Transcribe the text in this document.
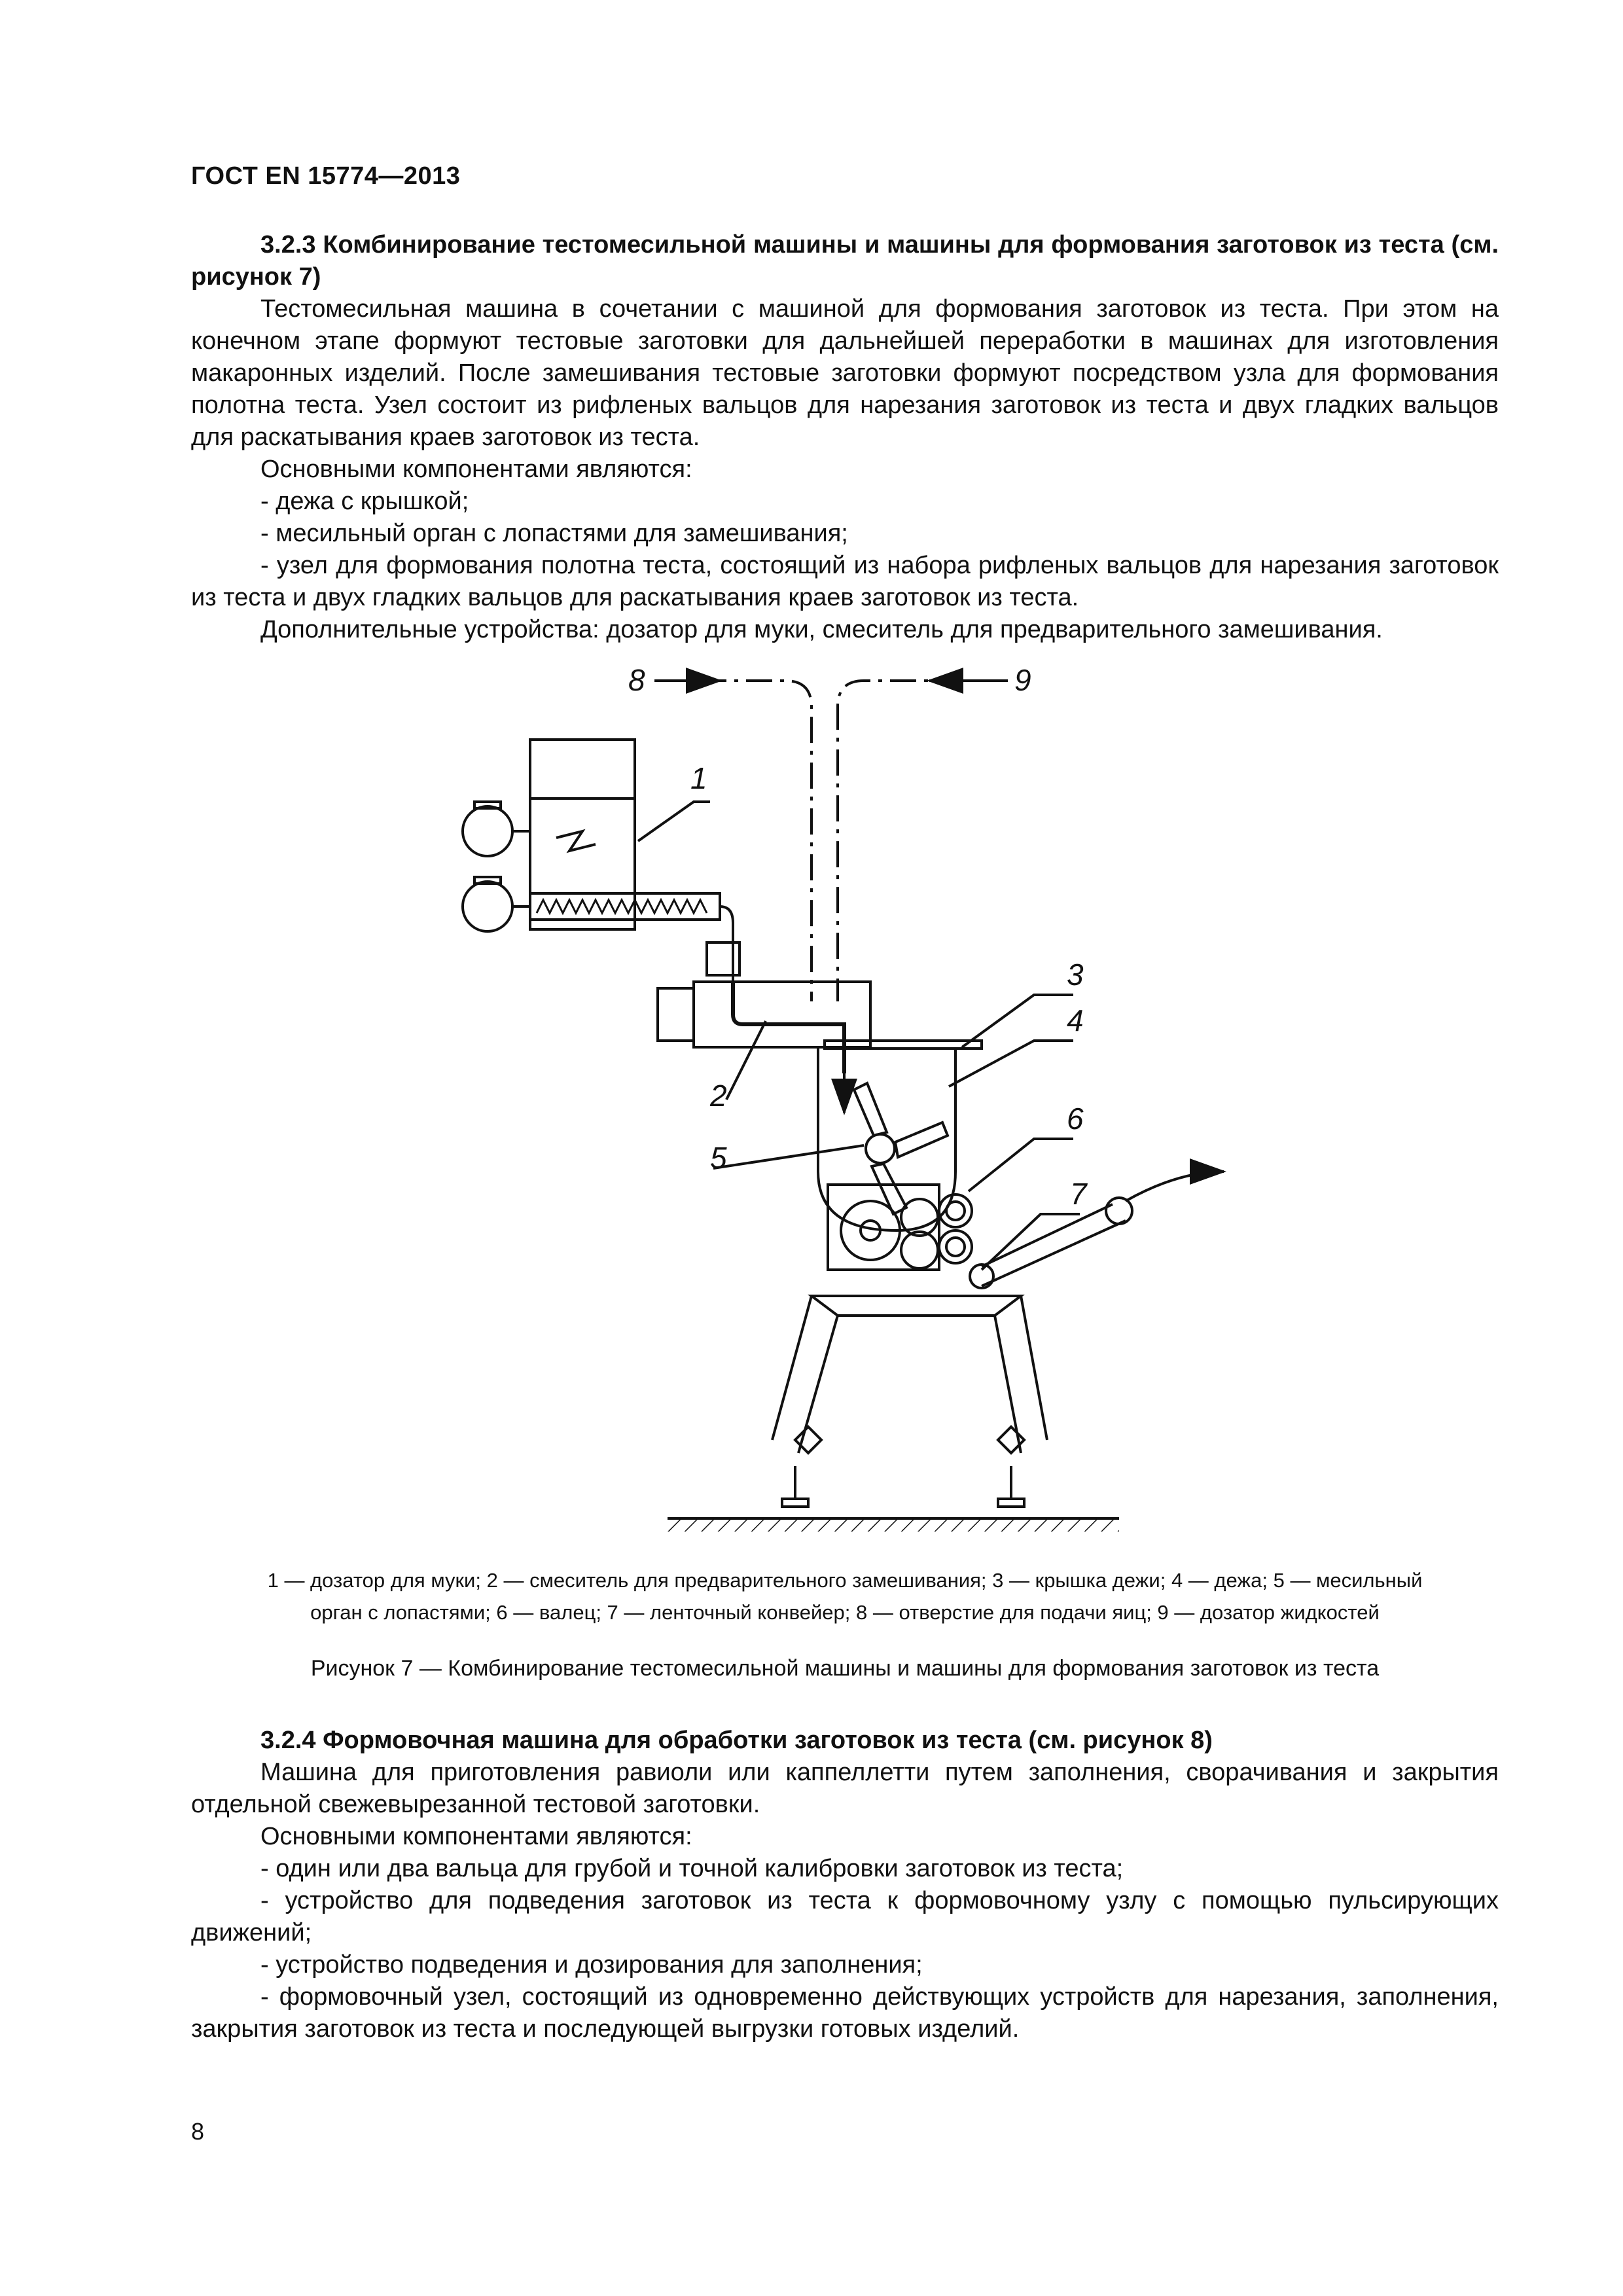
ГОСТ EN 15774—2013

3.2.3 Комбинирование тестомесильной машины и машины для формования заготовок из теста (см. рисунок 7)

Тестомесильная машина в сочетании с машиной для формования заготовок из теста. При этом на конечном этапе формуют тестовые заготовки для дальнейшей переработки в машинах для изготовления макаронных изделий. После замешивания тестовые заготовки формуют посредством узла для формования полотна теста. Узел состоит из рифленых вальцов для нарезания заготовок из теста и двух гладких вальцов для раскатывания краев заготовок из теста.

Основными компонентами являются:

- дежа с крышкой;

- месильный орган с лопастями для замешивания;

- узел для формования полотна теста, состоящий из набора рифленых вальцов для нарезания заготовок из теста и двух гладких вальцов для раскатывания краев заготовок из теста.

Дополнительные устройства: дозатор для муки, смеситель для предварительного замешивания.

8	9
1
2
3
4
5
6
7
1 — дозатор для муки; 2 — смеситель для предварительного замешивания; 3 — крышка дежи; 4 — дежа; 5 — месильный
орган с лопастями; 6 — валец; 7 — ленточный конвейер; 8 — отверстие для подачи яиц; 9 — дозатор жидкостей
Рисунок 7 — Комбинирование тестомесильной машины и машины для формования заготовок из теста

3.2.4 Формовочная машина для обработки заготовок из теста (см. рисунок 8)

Машина для приготовления равиоли или каппеллетти путем заполнения, сворачивания и закрытия отдельной свежевырезанной тестовой заготовки.

Основными компонентами являются:

- один или два вальца для грубой и точной калибровки заготовок из теста;

- устройство для подведения заготовок из теста к формовочному узлу с помощью пульсирующих движений;

- устройство подведения и дозирования для заполнения;

- формовочный узел, состоящий из одновременно действующих устройств для нарезания, заполнения, закрытия заготовок из теста и последующей выгрузки готовых изделий.

8
